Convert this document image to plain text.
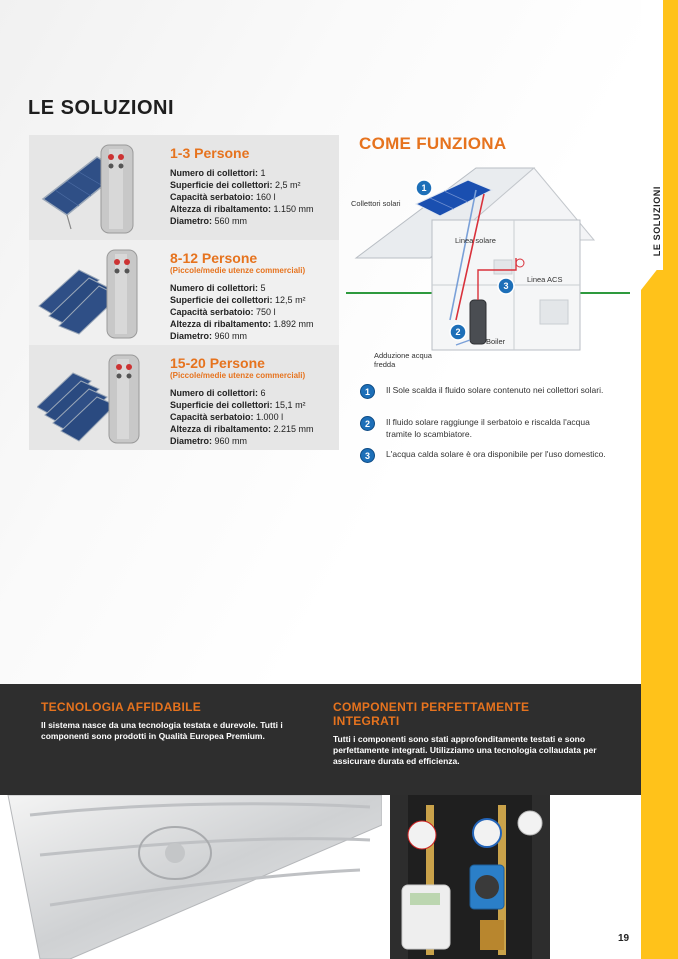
LE SOLUZIONI
LE SOLUZIONI
1-3 Persone
Numero di collettori: 1
Superficie dei collettori: 2,5 m²
Capacità serbatoio: 160 l
Altezza di ribaltamento: 1.150 mm
Diametro: 560 mm
8-12 Persone
(Piccole/medie utenze commerciali)
Numero di collettori: 5
Superficie dei collettori: 12,5 m²
Capacità serbatoio: 750 l
Altezza di ribaltamento: 1.892 mm
Diametro: 960 mm
15-20 Persone
(Piccole/medie utenze commerciali)
Numero di collettori: 6
Superficie dei collettori: 15,1 m²
Capacità serbatoio: 1.000 l
Altezza di ribaltamento: 2.215 mm
Diametro: 960 mm
COME FUNZIONA
1
2
3
Collettori solari
Linea solare
Linea ACS
Boiler
Adduzione acqua fredda
1	Il Sole scalda il fluido solare contenuto nei collettori solari.
2	Il fluido solare raggiunge il serbatoio e riscalda l'acqua tramite lo scambiatore.
3	L'acqua calda solare è ora disponibile per l'uso domestico.
TECNOLOGIA AFFIDABILE
Il sistema nasce da una tecnologia testata e durevole. Tutti i componenti sono prodotti in Qualità Europea Premium.
COMPONENTI PERFETTAMENTE INTEGRATI
Tutti i componenti sono stati approfonditamente testati e sono perfettamente integrati. Utilizziamo una tecnologia collaudata per assicurare durata ed efficienza.
19
